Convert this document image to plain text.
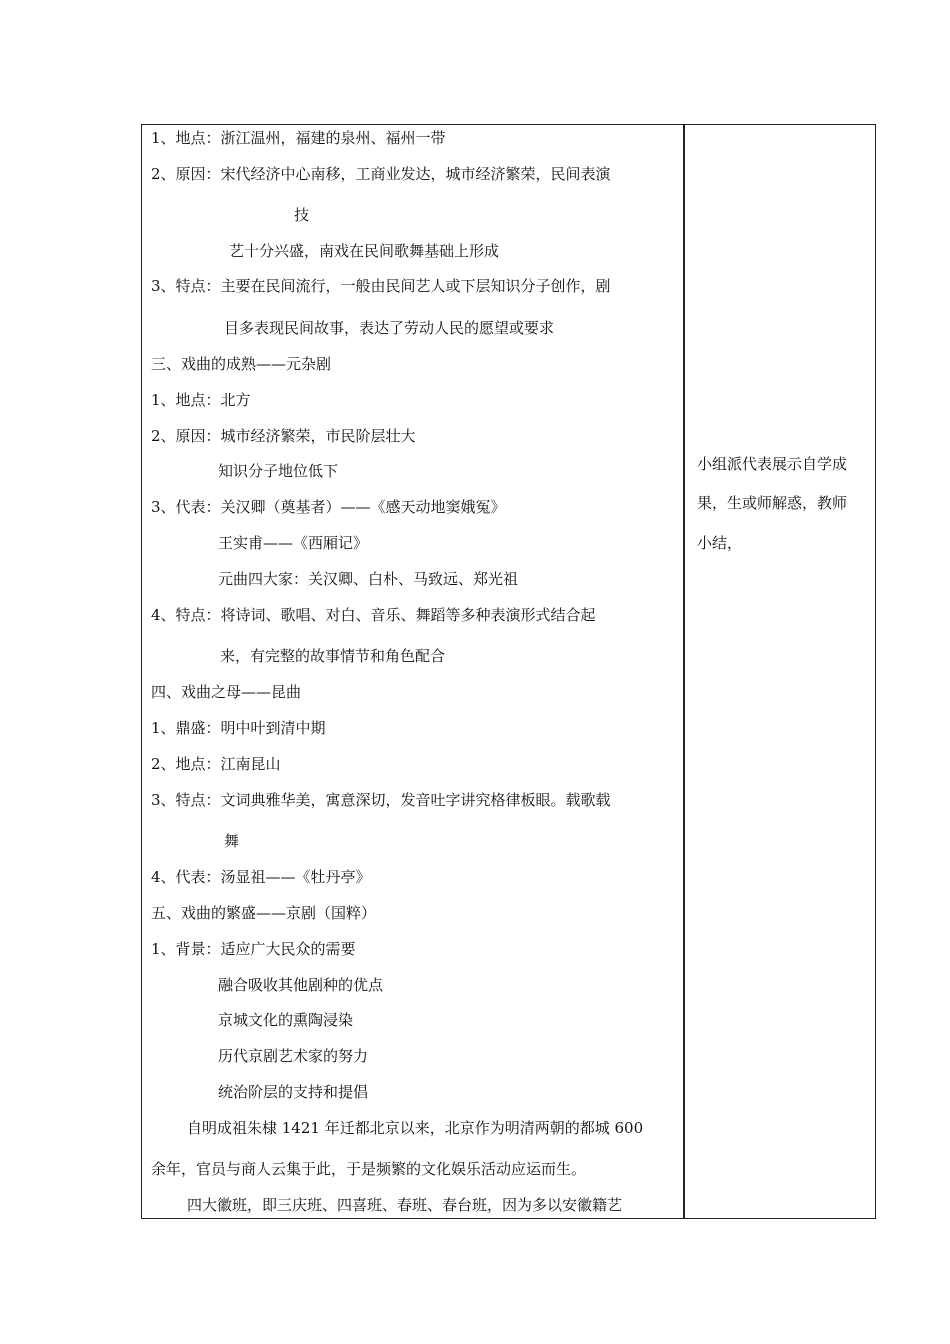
1、地点：浙江温州，福建的泉州、福州一带
2、原因：宋代经济中心南移，工商业发达，城市经济繁荣，民间表演
技
艺十分兴盛，南戏在民间歌舞基础上形成
3、特点：主要在民间流行，一般由民间艺人或下层知识分子创作，剧
目多表现民间故事，表达了劳动人民的愿望或要求
三、戏曲的成熟——元杂剧
1、地点：北方
2、原因：城市经济繁荣，市民阶层壮大
知识分子地位低下
3、代表：关汉卿（奠基者）——《感天动地窦娥冤》
王实甫——《西厢记》
元曲四大家：关汉卿、白朴、马致远、郑光祖
4、特点：将诗词、歌唱、对白、音乐、舞蹈等多种表演形式结合起
来，有完整的故事情节和角色配合
四、戏曲之母——昆曲
1、鼎盛：明中叶到清中期
2、地点：江南昆山
3、特点：文词典雅华美，寓意深切，发音吐字讲究格律板眼。载歌载
舞
4、代表：汤显祖——《牡丹亭》
五、戏曲的繁盛——京剧（国粹）
1、背景：适应广大民众的需要
融合吸收其他剧种的优点
京城文化的熏陶浸染
历代京剧艺术家的努力
统治阶层的支持和提倡
自明成祖朱棣 1421 年迁都北京以来，北京作为明清两朝的都城 600
余年，官员与商人云集于此，于是频繁的文化娱乐活动应运而生。
四大徽班，即三庆班、四喜班、春班、春台班，因为多以安徽籍艺
小组派代表展示自学成
果，生或师解惑，教师
小结，
